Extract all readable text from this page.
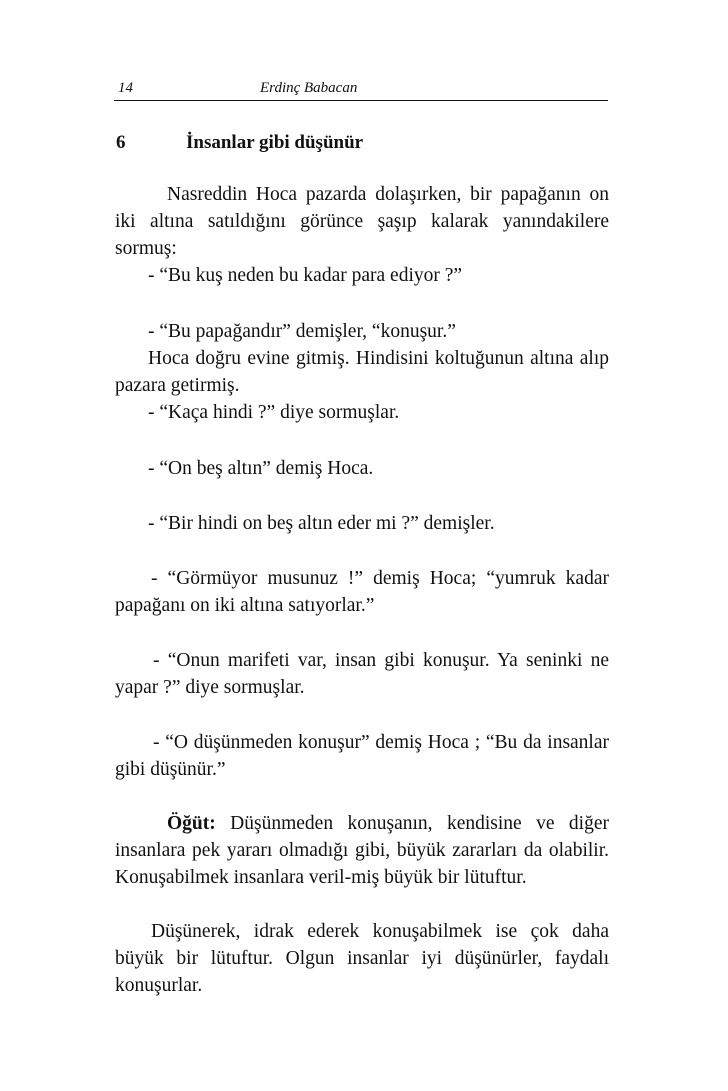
14	Erdinç Babacan
6	İnsanlar gibi düşünür
Nasreddin Hoca pazarda dolaşırken, bir papağanın on iki altına satıldığını görünce şaşıp kalarak yanındakilere sormuş:
- “Bu kuş neden bu kadar para ediyor ?”
- “Bu papağandır” demişler, “konuşur.”
Hoca doğru evine gitmiş. Hindisini koltuğunun altına alıp pazara getirmiş.
- “Kaça hindi ?” diye sormuşlar.
- “On beş altın” demiş Hoca.
- “Bir hindi on beş altın eder mi ?” demişler.
- “Görmüyor musunuz !” demiş Hoca; “yumruk kadar papağanı on iki altına satıyorlar.”
- “Onun marifeti var, insan gibi konuşur. Ya seninki ne yapar ?” diye sormuşlar.
- “O düşünmeden konuşur” demiş Hoca ; “Bu da insanlar gibi düşünür.”
Öğüt: Düşünmeden konuşanın, kendisine ve diğer insanlara pek yararı olmadığı gibi, büyük zararları da olabilir. Konuşabilmek insanlara veril-miş büyük bir lütuftur.
Düşünerek, idrak ederek konuşabilmek ise çok daha büyük bir lütuftur. Olgun insanlar iyi düşünürler, faydalı konuşurlar.
